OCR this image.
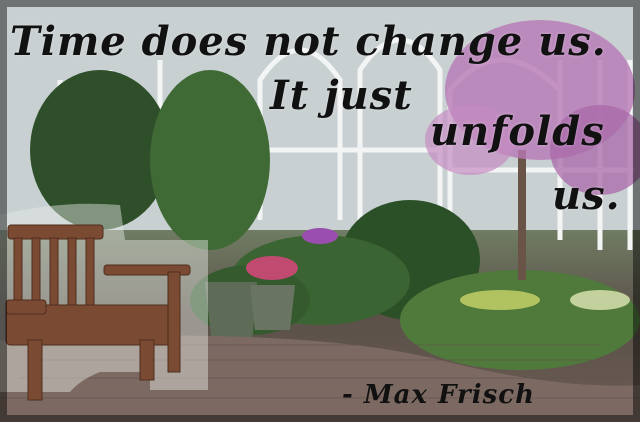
Time does not change us.

It just

unfolds

us.

- Max Frisch
